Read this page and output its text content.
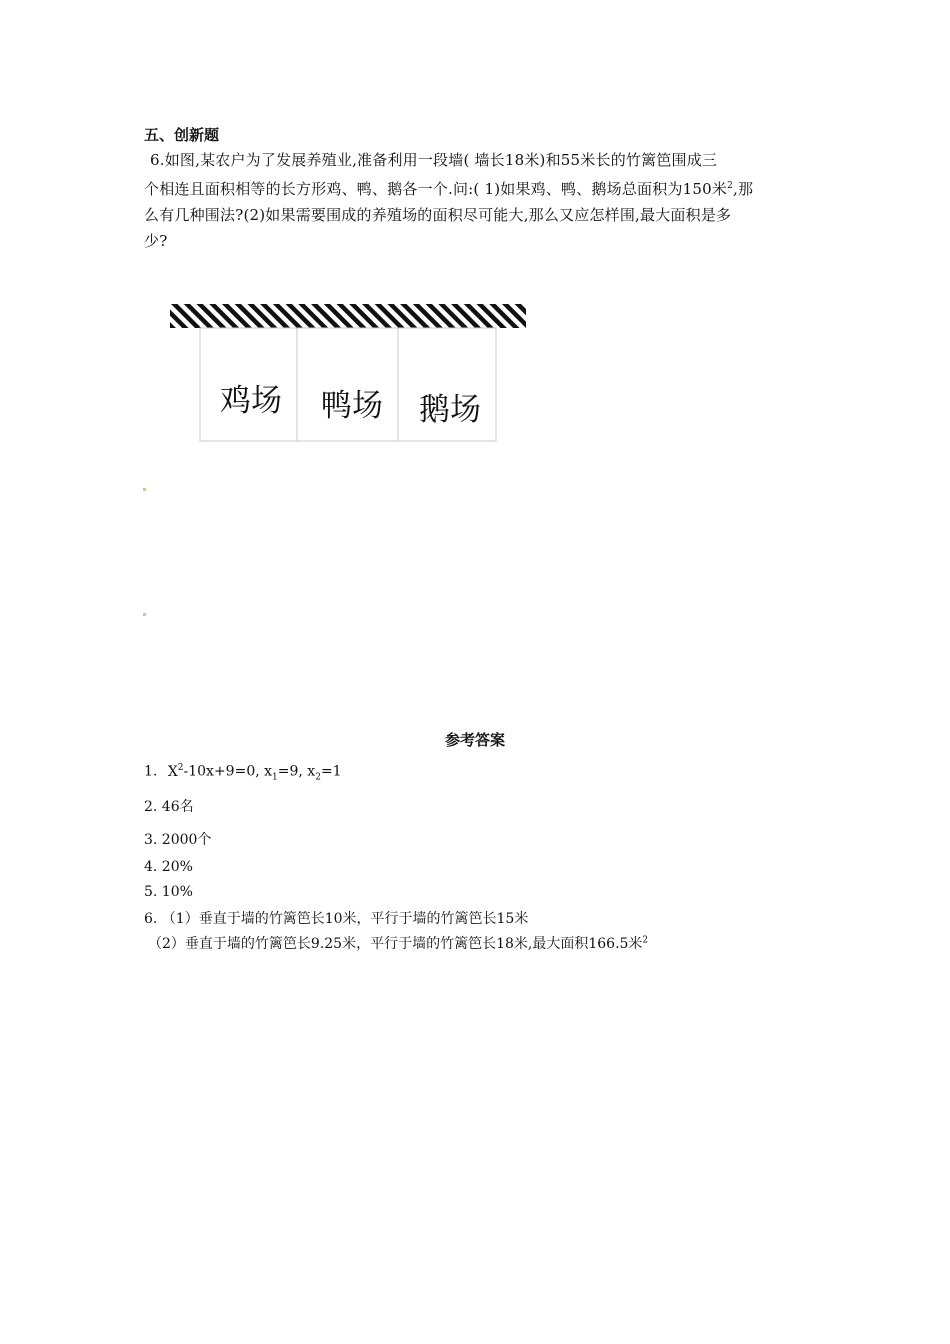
五、创新题

6.如图,某农户为了发展养殖业,准备利用一段墙( 墙长18米)和55米长的竹篱笆围成三

个相连且面积相等的长方形鸡、鸭、鹅各一个.问:( 1)如果鸡、鸭、鹅场总面积为150米$^2$,那

么有几种围法?(2)如果需要围成的养殖场的面积尽可能大,那么又应怎样围,最大面积是多

少?

鸡场 鸭场 鹅场
参考答案
1. $X^2-10x+9=0$, $x_1=9$, $x_2=1$
2. 46名
3. 2000个
4. 20%
5. 10%
6. （1）垂直于墙的竹篱笆长10米，平行于墙的竹篱笆长15米
（2）垂直于墙的竹篱笆长9.25米，平行于墙的竹篱笆长18米,最大面积166.5米$^2$
